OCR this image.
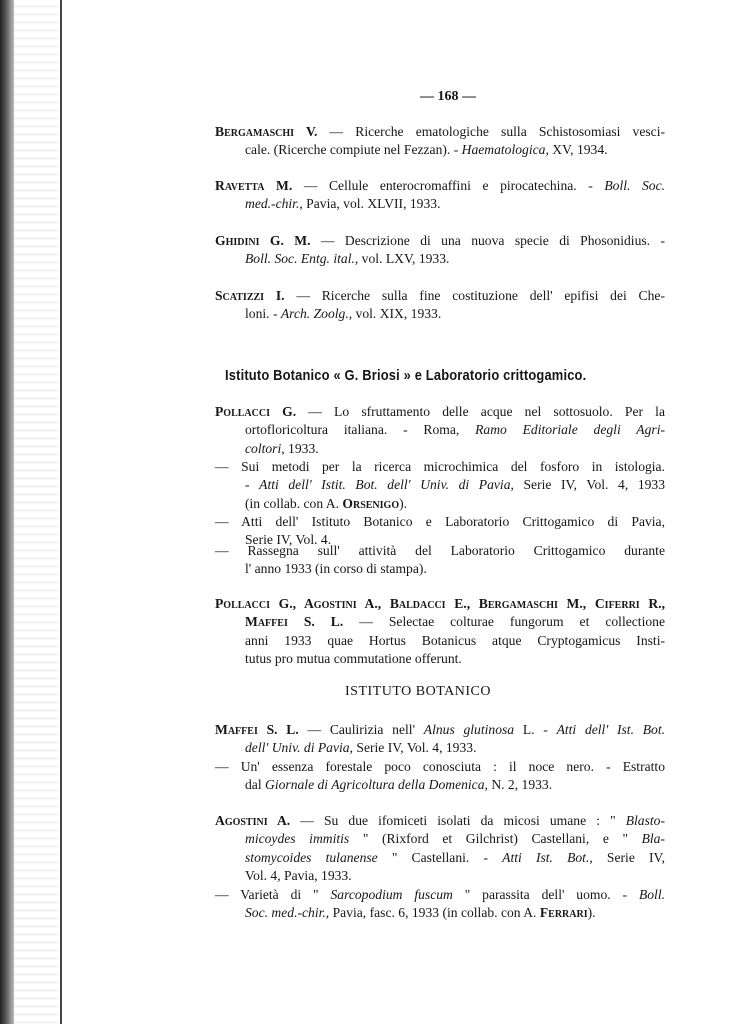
— 168 —
Bergamaschi V. — Ricerche ematologiche sulla Schistosomiasi vesci-
cale. (Ricerche compiute nel Fezzan). - Haematologica, XV, 1934.
Ravetta M. — Cellule enterocromaffini e pirocatechina. - Boll. Soc.
med.-chir., Pavia, vol. XLVII, 1933.
Ghidini G. M. — Descrizione di una nuova specie di Phosonidius. -
Boll. Soc. Entg. ital., vol. LXV, 1933.
Scatizzi I. — Ricerche sulla fine costituzione dell' epifisi dei Che-
loni. - Arch. Zoolg., vol. XIX, 1933.
Istituto Botanico « G. Briosi » e Laboratorio crittogamico.
Pollacci G. — Lo sfruttamento delle acque nel sottosuolo. Per la
ortofloricoltura italiana. - Roma, Ramo Editoriale degli Agri-
coltori, 1933.
— Sui metodi per la ricerca microchimica del fosforo in istologia.
- Atti dell' Istit. Bot. dell' Univ. di Pavia, Serie IV, Vol. 4, 1933
(in collab. con A. Orsenigo).
— Atti dell' Istituto Botanico e Laboratorio Crittogamico di Pavia,
Serie IV, Vol. 4.
— Rassegna sull' attività del Laboratorio Crittogamico durante
l' anno 1933 (in corso di stampa).
Pollacci G., Agostini A., Baldacci E., Bergamaschi M., Ciferri R.,
Maffei S. L. — Selectae colturae fungorum et collectione
anni 1933 quae Hortus Botanicus atque Cryptogamicus Insti-
tutus pro mutua commutatione offerunt.
ISTITUTO BOTANICO
Maffei S. L. — Caulirizia nell' Alnus glutinosa L. - Atti dell' Ist. Bot.
dell' Univ. di Pavia, Serie IV, Vol. 4, 1933.
— Un' essenza forestale poco conosciuta : il noce nero. - Estratto
dal Giornale di Agricoltura della Domenica, N. 2, 1933.
Agostini A. — Su due ifomiceti isolati da micosi umane : " Blasto-
micoydes immitis " (Rixford et Gilchrist) Castellani, e " Bla-
stomycoides tulanense " Castellani. - Atti Ist. Bot., Serie IV,
Vol. 4, Pavia, 1933.
— Varietà di " Sarcopodium fuscum " parassita dell' uomo. - Boll.
Soc. med.-chir., Pavia, fasc. 6, 1933 (in collab. con A. Ferrari).
